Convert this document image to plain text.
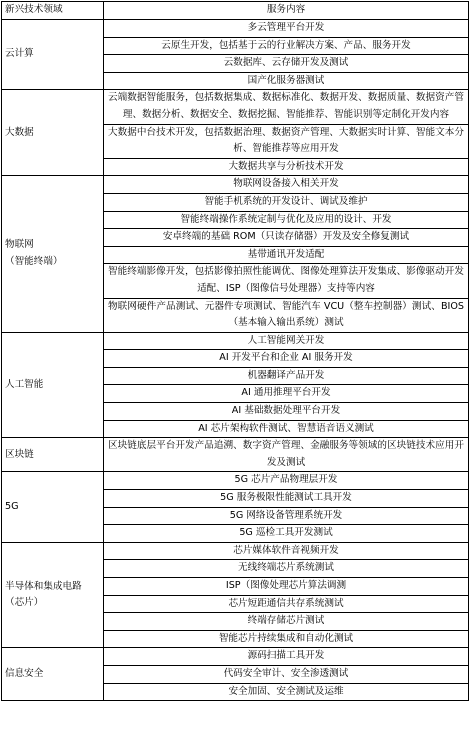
新兴技术领域	服务内容
云计算	多云管理平台开发
	云原生开发，包括基于云的行业解决方案、产品、服务开发
	云数据库、云存储开发及测试
	国产化服务器测试
大数据	云端数据智能服务，包括数据集成、数据标准化、数据开发、数据质量、数据资产管理、数据分析、数据安全、数据挖掘、智能推荐、智能识别等定制化开发内容
	大数据中台技术开发，包括数据治理、数据资产管理、大数据实时计算、智能文本分析、智能推荐等应用开发
	大数据共享与分析技术开发
物联网
（智能终端）	物联网设备接入相关开发
	智能手机系统的开发设计、调试及维护
	智能终端操作系统定制与优化及应用的设计、开发
	安卓终端的基础 ROM（只读存储器）开发及安全修复测试
	基带通讯开发适配
	智能终端影像开发，包括影像拍照性能调优、图像处理算法开发集成、影像驱动开发适配、ISP（图像信号处理器）支持等内容
	物联网硬件产品测试、元器件专项测试、智能汽车 VCU（整车控制器）测试、BIOS（基本输入输出系统）测试
人工智能	人工智能网关开发
	AI 开发平台和企业 AI 服务开发
	机器翻译产品开发
	AI 通用推理平台开发
	AI 基础数据处理平台开发
	AI 芯片架构软件测试、智慧语音语义测试
区块链	区块链底层平台开发产品追溯、数字资产管理、金融服务等领域的区块链技术应用开发及测试
5G	5G 芯片产品物理层开发
	5G 服务极限性能测试工具开发
	5G 网络设备管理系统开发
	5G 巡检工具开发测试
半导体和集成电路（芯片）	芯片媒体软件音视频开发
	无线终端芯片系统测试
	ISP（图像处理芯片算法调测
	芯片短距通信共存系统测试
	终端存储芯片测试
	智能芯片持续集成和自动化测试
信息安全	源码扫描工具开发
	代码安全审计、安全渗透测试
	安全加固、安全测试及运维
